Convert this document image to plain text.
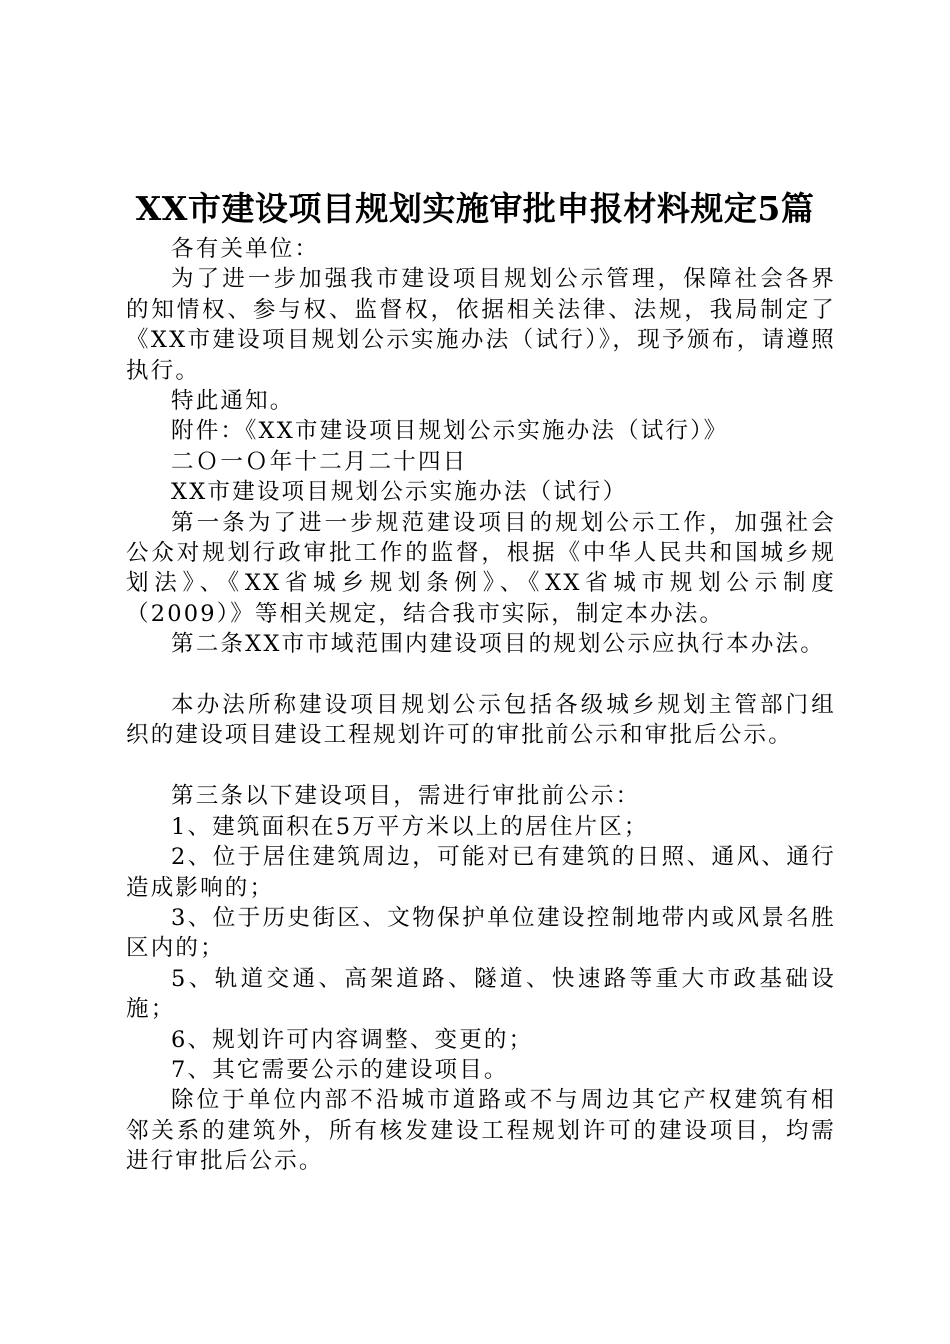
XX市建设项目规划实施审批申报材料规定5篇

各有关单位：

为了进一步加强我市建设项目规划公示管理，保障社会各界的知情权、参与权、监督权，依据相关法律、法规，我局制定了《XX市建设项目规划公示实施办法（试行）》，现予颁布，请遵照执行。

特此通知。

附件：《XX市建设项目规划公示实施办法（试行）》

二Ｏ一Ｏ年十二月二十四日

XX市建设项目规划公示实施办法（试行）

第一条为了进一步规范建设项目的规划公示工作，加强社会公众对规划行政审批工作的监督，根据《中华人民共和国城乡规划法》、《XX省城乡规划条例》、《XX省城市规划公示制度（2009）》等相关规定，结合我市实际，制定本办法。

第二条XX市市域范围内建设项目的规划公示应执行本办法。

本办法所称建设项目规划公示包括各级城乡规划主管部门组织的建设项目建设工程规划许可的审批前公示和审批后公示。

第三条以下建设项目，需进行审批前公示：

1、建筑面积在5万平方米以上的居住片区；

2、位于居住建筑周边，可能对已有建筑的日照、通风、通行造成影响的；

3、位于历史街区、文物保护单位建设控制地带内或风景名胜区内的；

5、轨道交通、高架道路、隧道、快速路等重大市政基础设施；

6、规划许可内容调整、变更的；

7、其它需要公示的建设项目。

除位于单位内部不沿城市道路或不与周边其它产权建筑有相邻关系的建筑外，所有核发建设工程规划许可的建设项目，均需进行审批后公示。
